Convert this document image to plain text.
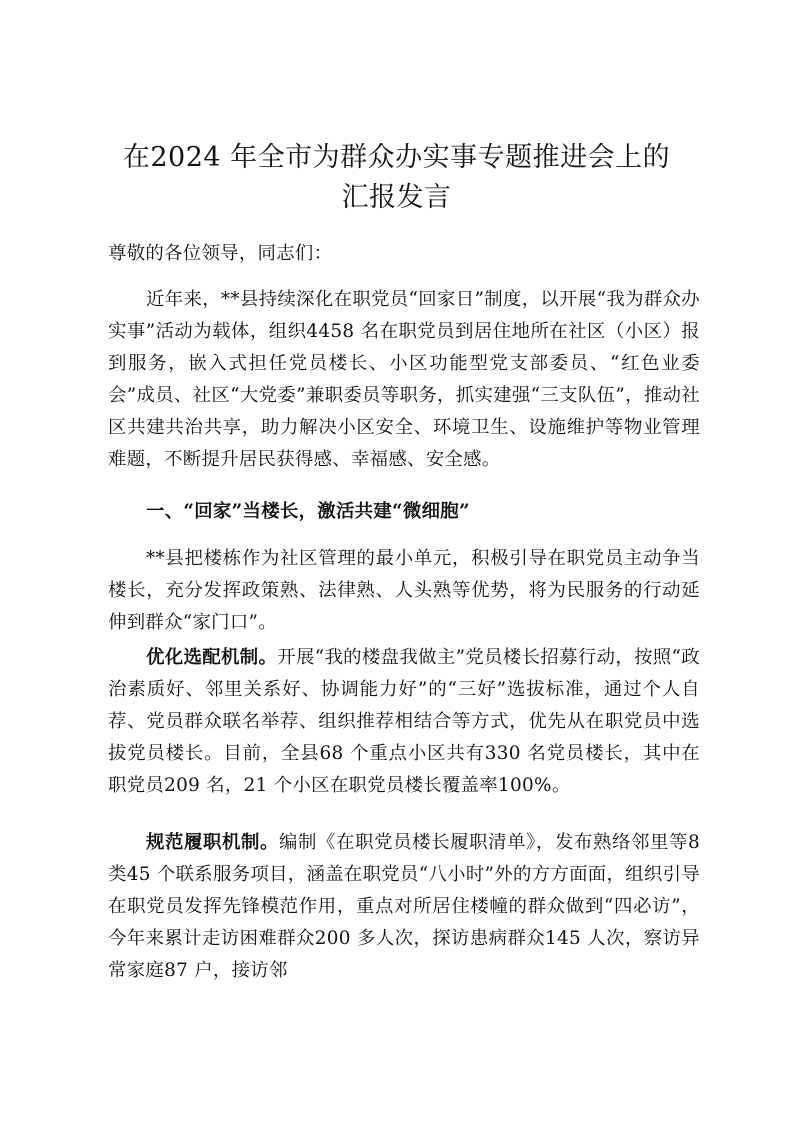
在2024 年全市为群众办实事专题推进会上的
汇报发言
尊敬的各位领导，同志们：
近年来，**县持续深化在职党员“回家日”制度，以开展“我为群众办实事”活动为载体，组织4458 名在职党员到居住地所在社区（小区）报到服务，嵌入式担任党员楼长、小区功能型党支部委员、“红色业委会”成员、社区“大党委”兼职委员等职务，抓实建强“三支队伍”，推动社区共建共治共享，助力解决小区安全、环境卫生、设施维护等物业管理难题，不断提升居民获得感、幸福感、安全感。
一、“回家”当楼长，激活共建“微细胞”
**县把楼栋作为社区管理的最小单元，积极引导在职党员主动争当楼长，充分发挥政策熟、法律熟、人头熟等优势，将为民服务的行动延伸到群众“家门口”。
优化选配机制。开展“我的楼盘我做主”党员楼长招募行动，按照“政治素质好、邻里关系好、协调能力好”的“三好”选拔标准，通过个人自荐、党员群众联名举荐、组织推荐相结合等方式，优先从在职党员中选拔党员楼长。目前，全县68 个重点小区共有330 名党员楼长，其中在职党员209 名，21 个小区在职党员楼长覆盖率100%。
规范履职机制。编制《在职党员楼长履职清单》，发布熟络邻里等8 类45 个联系服务项目，涵盖在职党员“八小时”外的方方面面，组织引导在职党员发挥先锋模范作用，重点对所居住楼幢的群众做到“四必访”，今年来累计走访困难群众200 多人次，探访患病群众145 人次，察访异常家庭87 户，接访邻
